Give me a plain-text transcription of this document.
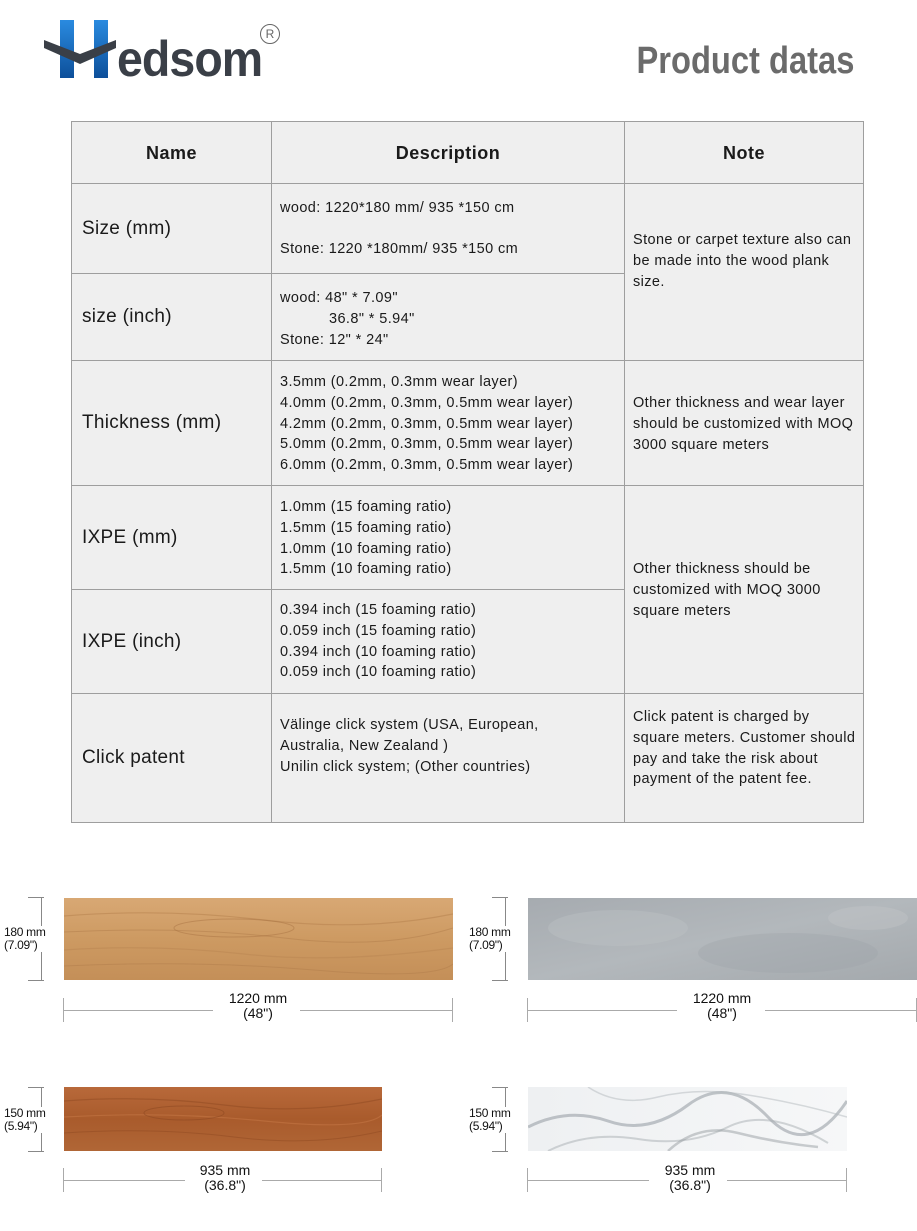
edsom R
Product datas
Name	Description	Note
Size (mm)
wood: 1220*180 mm/ 935 *150 cm
Stone: 1220 *180mm/ 935 *150 cm
size (inch)
wood: 48" * 7.09"
36.8" * 5.94"
Stone: 12" * 24"
Stone or carpet texture also can be made into the wood plank size.
Thickness (mm)
3.5mm (0.2mm, 0.3mm wear layer)
4.0mm (0.2mm, 0.3mm, 0.5mm wear layer)
4.2mm (0.2mm, 0.3mm, 0.5mm wear layer)
5.0mm (0.2mm, 0.3mm, 0.5mm wear layer)
6.0mm (0.2mm, 0.3mm, 0.5mm wear layer)
Other thickness and wear layer should be customized with MOQ 3000 square meters
IXPE (mm)
1.0mm (15 foaming ratio)
1.5mm (15 foaming ratio)
1.0mm (10 foaming ratio)
1.5mm (10 foaming ratio)
IXPE (inch)
0.394 inch (15 foaming ratio)
0.059 inch (15 foaming ratio)
0.394 inch (10 foaming ratio)
0.059 inch (10 foaming ratio)
Other thickness should be customized with MOQ 3000 square meters
Click patent
Välinge click system (USA, European,
Australia, New Zealand )
Unilin click system; (Other countries)
Click patent is charged by square meters. Customer should pay and take the risk about payment of the patent fee.
180 mm
(7.09")
1220 mm
(48")
180 mm
(7.09")
1220 mm
(48")
150 mm
(5.94")
935 mm
(36.8")
150 mm
(5.94")
935 mm
(36.8")
